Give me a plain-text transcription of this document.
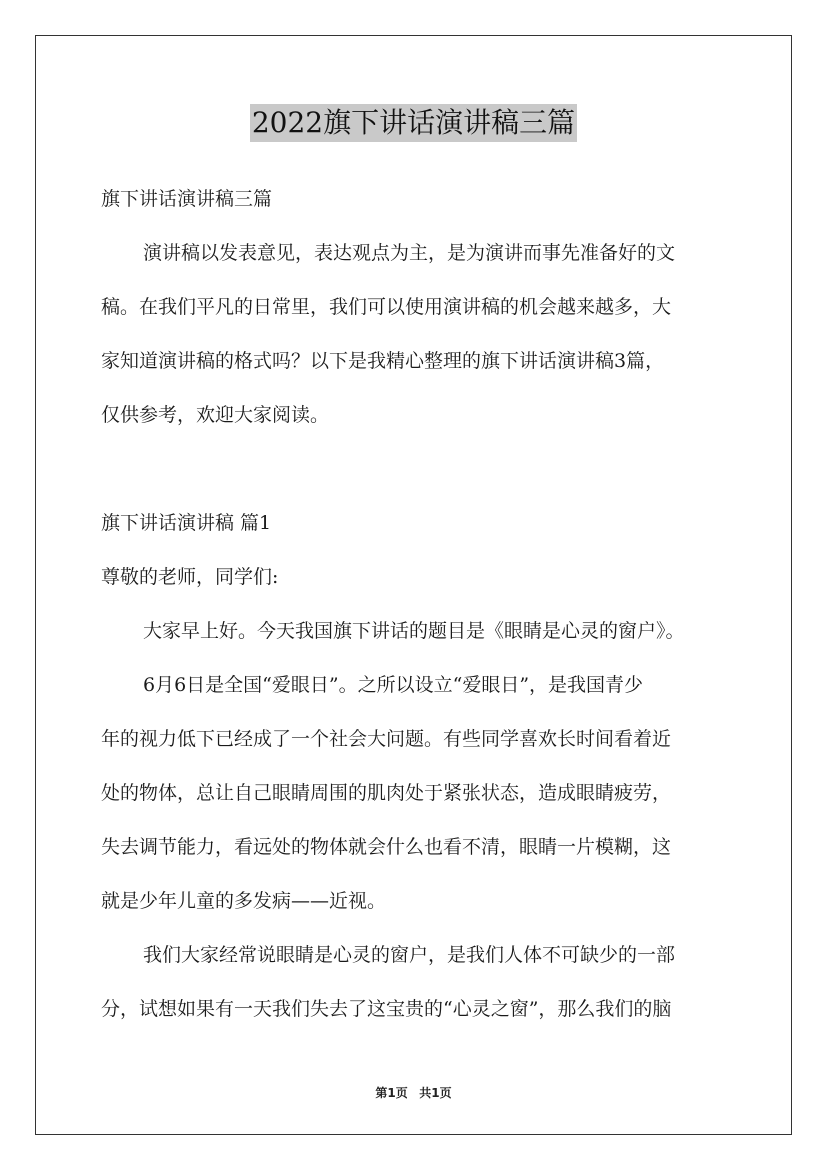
2022旗下讲话演讲稿三篇
旗下讲话演讲稿三篇
演讲稿以发表意见，表达观点为主，是为演讲而事先准备好的文
稿。在我们平凡的日常里，我们可以使用演讲稿的机会越来越多，大
家知道演讲稿的格式吗？以下是我精心整理的旗下讲话演讲稿3篇，
仅供参考，欢迎大家阅读。
旗下讲话演讲稿 篇1
尊敬的老师，同学们:
大家早上好。今天我国旗下讲话的题目是《眼睛是心灵的窗户》。
6月6日是全国“爱眼日”。之所以设立“爱眼日”，是我国青少
年的视力低下已经成了一个社会大问题。有些同学喜欢长时间看着近
处的物体，总让自己眼睛周围的肌肉处于紧张状态，造成眼睛疲劳，
失去调节能力，看远处的物体就会什么也看不清，眼睛一片模糊，这
就是少年儿童的多发病——近视。
我们大家经常说眼睛是心灵的窗户，是我们人体不可缺少的一部
分，试想如果有一天我们失去了这宝贵的“心灵之窗”，那么我们的脑
第1页 共1页
